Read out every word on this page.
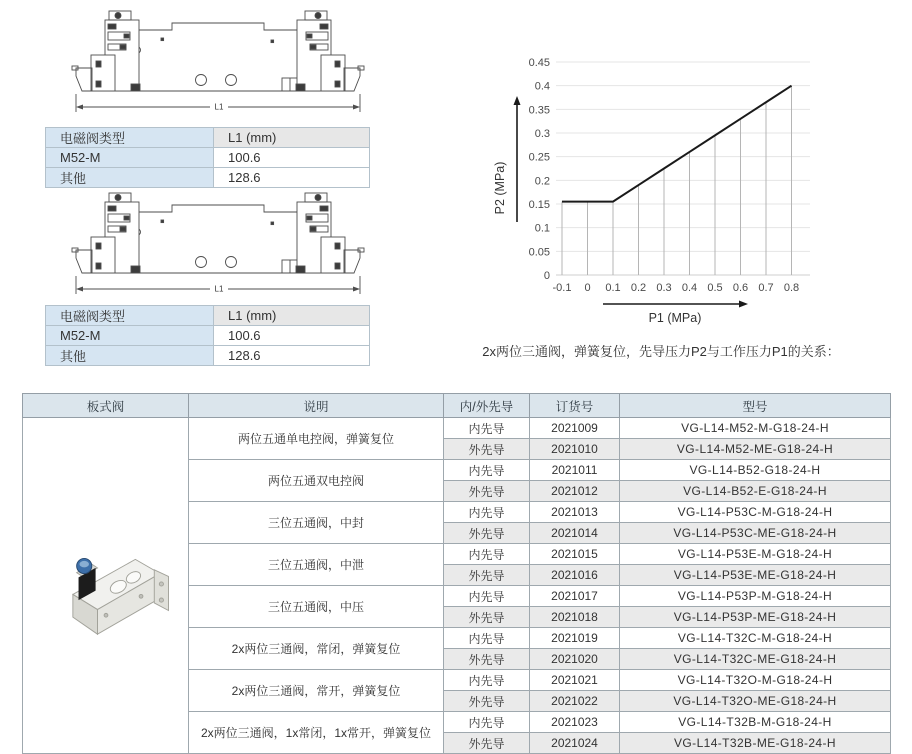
L1
电磁阀类型	L1 (mm)
M52-M	100.6
其他	128.6
L1
电磁阀类型	L1 (mm)
M52-M	100.6
其他	128.6
0
0.05
0.1
0.15
0.2
0.25
0.3
0.35
0.4
0.45
-0.1 0 0.1 0.2 0.3 0.4 0.5 0.6 0.7 0.8
P2 (MPa)
P1 (MPa)
2x两位三通阀，弹簧复位，先导压力P2与工作压力P1的关系：
板式阀	说明	内/外先导	订货号	型号
	两位五通单电控阀，弹簧复位	内先导	2021009	VG-L14-M52-M-G18-24-H
		外先导	2021010	VG-L14-M52-ME-G18-24-H
	两位五通双电控阀	内先导	2021011	VG-L14-B52-G18-24-H
		外先导	2021012	VG-L14-B52-E-G18-24-H
	三位五通阀，中封	内先导	2021013	VG-L14-P53C-M-G18-24-H
		外先导	2021014	VG-L14-P53C-ME-G18-24-H
	三位五通阀，中泄	内先导	2021015	VG-L14-P53E-M-G18-24-H
		外先导	2021016	VG-L14-P53E-ME-G18-24-H
	三位五通阀，中压	内先导	2021017	VG-L14-P53P-M-G18-24-H
		外先导	2021018	VG-L14-P53P-ME-G18-24-H
	2x两位三通阀，常闭，弹簧复位	内先导	2021019	VG-L14-T32C-M-G18-24-H
		外先导	2021020	VG-L14-T32C-ME-G18-24-H
	2x两位三通阀，常开，弹簧复位	内先导	2021021	VG-L14-T32O-M-G18-24-H
		外先导	2021022	VG-L14-T32O-ME-G18-24-H
	2x两位三通阀，1x常闭，1x常开，弹簧复位	内先导	2021023	VG-L14-T32B-M-G18-24-H
		外先导	2021024	VG-L14-T32B-ME-G18-24-H
